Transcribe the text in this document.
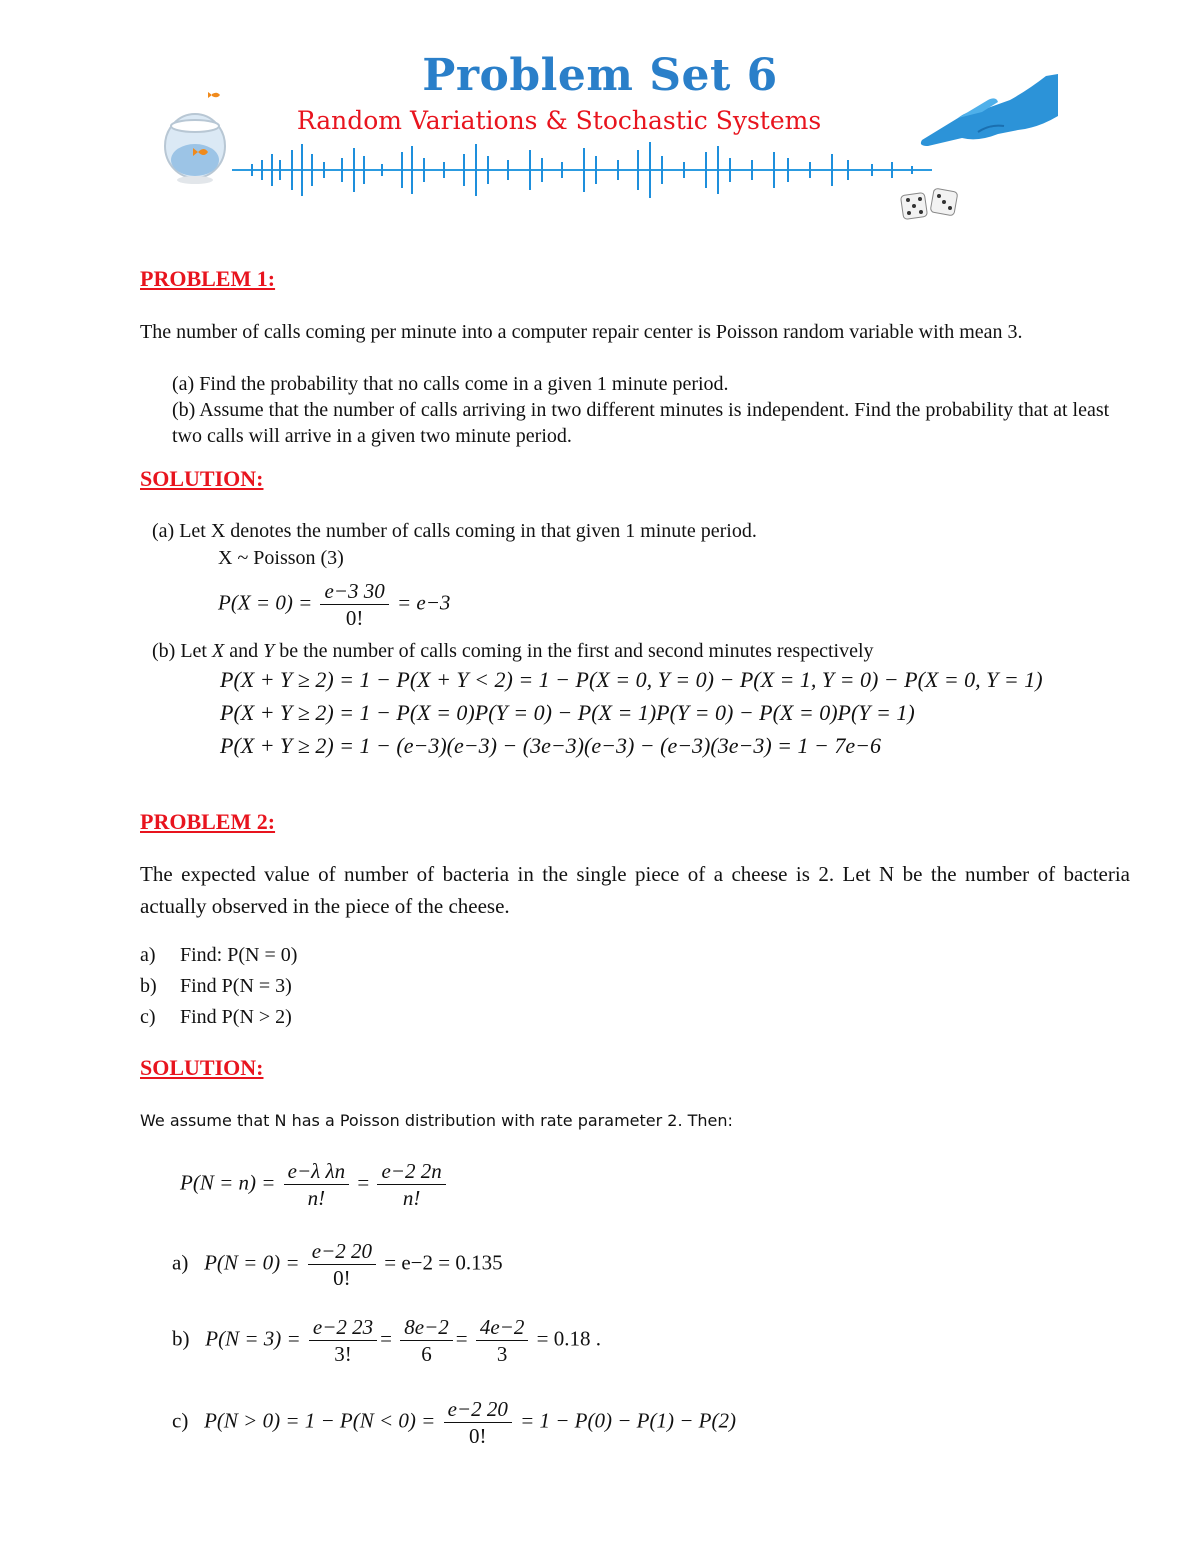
Problem Set 6
Random Variations & Stochastic Systems
PROBLEM 1:
The number of calls coming per minute into a computer repair center is Poisson random variable with mean 3.
(a) Find the probability that no calls come in a given 1 minute period.
(b) Assume that the number of calls arriving in two different minutes is independent. Find the probability that at least two calls will arrive in a given two minute period.
SOLUTION:
(a) Let X denotes the number of calls coming in that given 1 minute period.
X ~ Poisson (3)
$P(X = 0) = \frac{e-3 30}{0!} = e-3$
(b) Let X and Y be the number of calls coming in the first and second minutes respectively
P(X + Y ≥ 2) = 1 − P(X + Y < 2) = 1 − P(X = 0, Y = 0) − P(X = 1, Y = 0) − P(X = 0, Y = 1)
P(X + Y ≥ 2) = 1 − P(X = 0)P(Y = 0) − P(X = 1)P(Y = 0) − P(X = 0)P(Y = 1)
P(X + Y ≥ 2) = 1 − (e−3)(e−3) − (3e−3)(e−3) − (e−3)(3e−3) = 1 − 7e−6
PROBLEM 2:
The expected value of number of bacteria in the single piece of a cheese is 2. Let N be the number of bacteria actually observed in the piece of the cheese.
a) Find: P(N = 0)
b) Find P(N = 3)
c) Find P(N > 2)
SOLUTION:
We assume that N has a Poisson distribution with rate parameter 2. Then:
$P(N = n) = \frac{\text{e−λ λn}}{n!} = \frac{e-2 2n}{n!}$
a) $P(N = 0) = \frac{e-2 20}{0!} = e-2 = 0.135$
b) $P(N = 3) = \frac{e-2 23}{3!} = \frac{8e-2}{6} = \frac{4e-2}{3} = 0.18$ .
c) $P(N > 0) = 1 - P(N < 0) = \frac{e-2 20}{0!} = 1 - P(0) - P(1) - P(2)$
